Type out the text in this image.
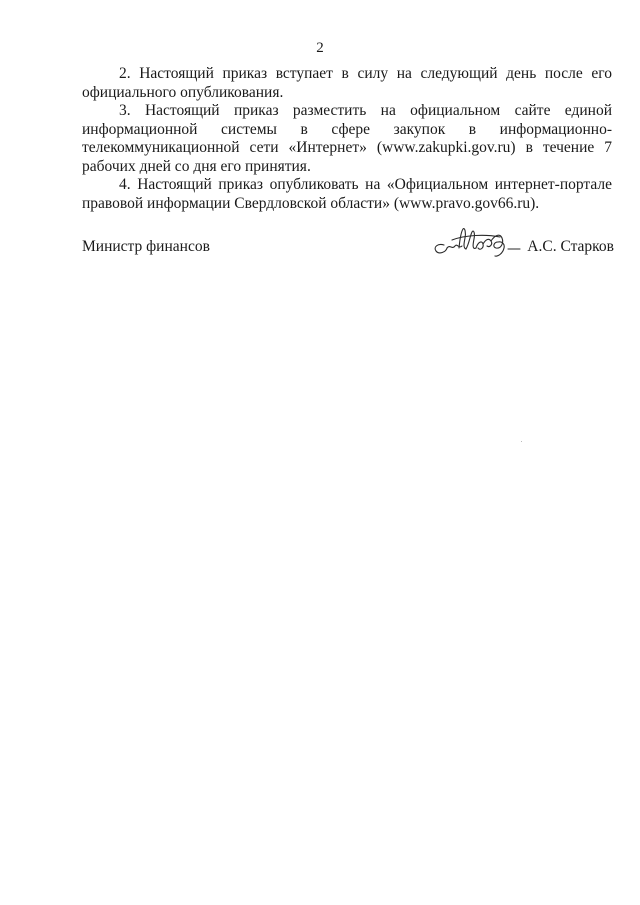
2

2. Настоящий приказ вступает в силу на следующий день после его официального опубликования.

3. Настоящий приказ разместить на официальном сайте единой информационной системы в сфере закупок в информационно-телекоммуникационной сети «Интернет» (www.zakupki.gov.ru) в течение 7 рабочих дней со дня его принятия.

4. Настоящий приказ опубликовать на «Официальном интернет-портале правовой информации Свердловской области» (www.pravo.gov66.ru).

Министр финансов	А.С. Старков
